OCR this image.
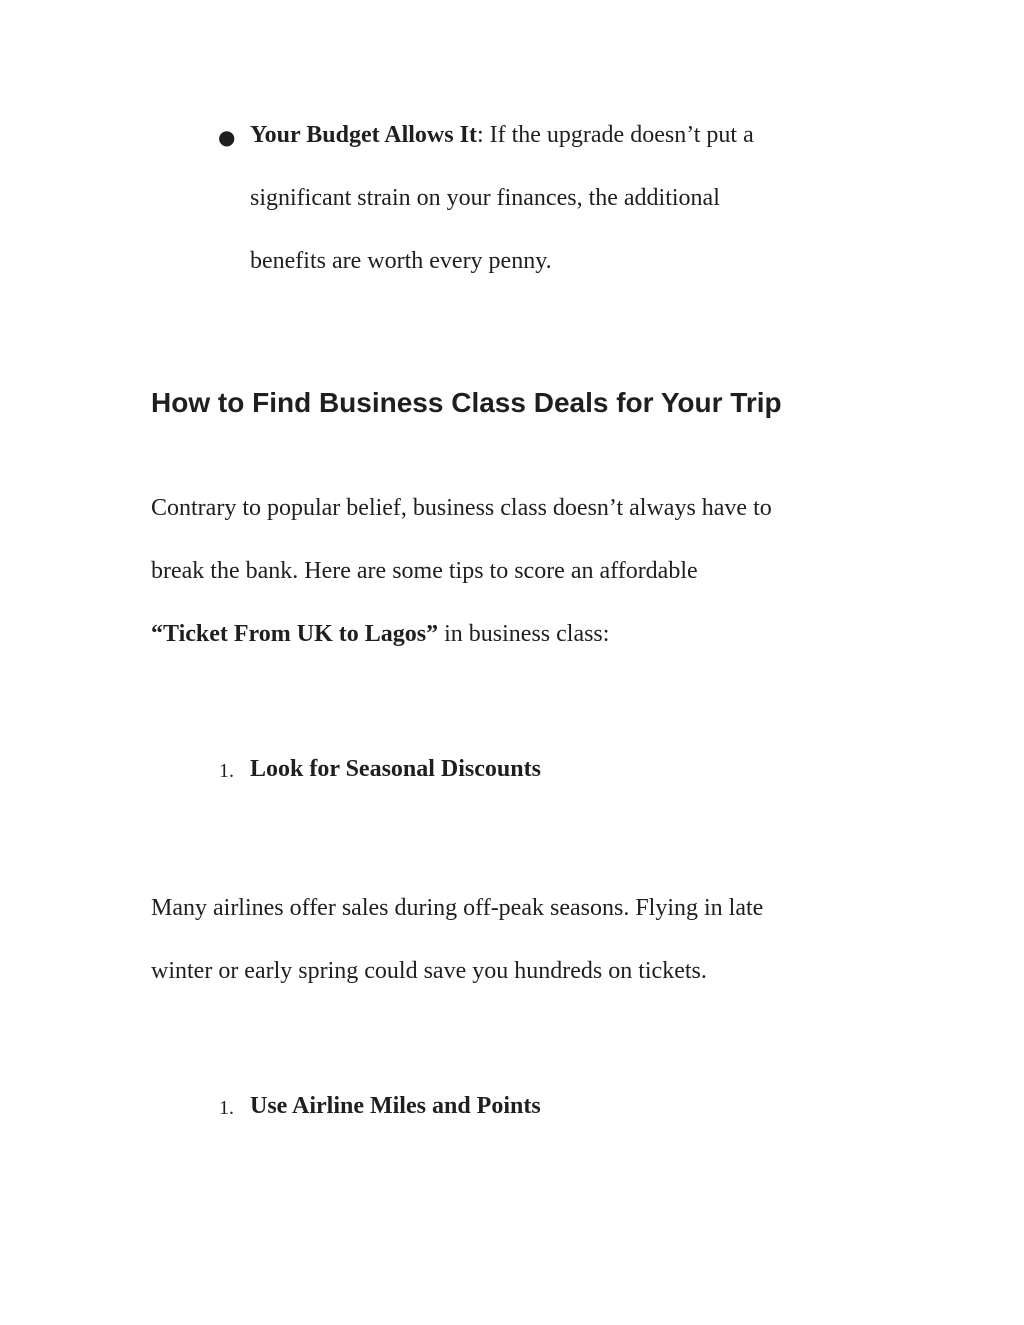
● Your Budget Allows It: If the upgrade doesn’t put a
significant strain on your finances, the additional
benefits are worth every penny.
How to Find Business Class Deals for Your Trip
Contrary to popular belief, business class doesn’t always have to
break the bank. Here are some tips to score an affordable
“Ticket From UK to Lagos” in business class:
1. Look for Seasonal Discounts
Many airlines offer sales during off-peak seasons. Flying in late
winter or early spring could save you hundreds on tickets.
1. Use Airline Miles and Points
